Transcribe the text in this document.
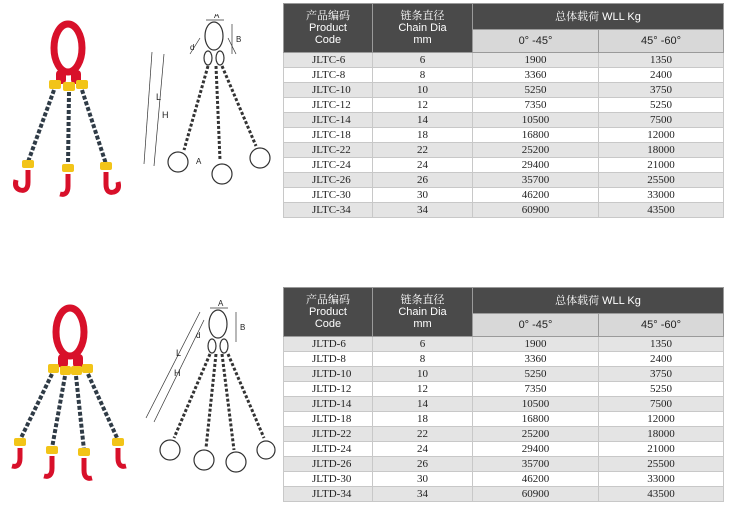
A
B
d
L
H
A
产品编码
Product
Code	链条直径
Chain Dia
mm	总体载荷 WLL Kg	
		0° -45°	45° -60°
JLTC-6	6	1900	1350
JLTC-8	8	3360	2400
JLTC-10	10	5250	3750
JLTC-12	12	7350	5250
JLTC-14	14	10500	7500
JLTC-18	18	16800	12000
JLTC-22	22	25200	18000
JLTC-24	24	29400	21000
JLTC-26	26	35700	25500
JLTC-30	30	46200	33000
JLTC-34	34	60900	43500
A
B
d
L
H
产品编码
Product
Code	链条直径
Chain Dia
mm	总体载荷 WLL Kg	
		0° -45°	45° -60°
JLTD-6	6	1900	1350
JLTD-8	8	3360	2400
JLTD-10	10	5250	3750
JLTD-12	12	7350	5250
JLTD-14	14	10500	7500
JLTD-18	18	16800	12000
JLTD-22	22	25200	18000
JLTD-24	24	29400	21000
JLTD-26	26	35700	25500
JLTD-30	30	46200	33000
JLTD-34	34	60900	43500
